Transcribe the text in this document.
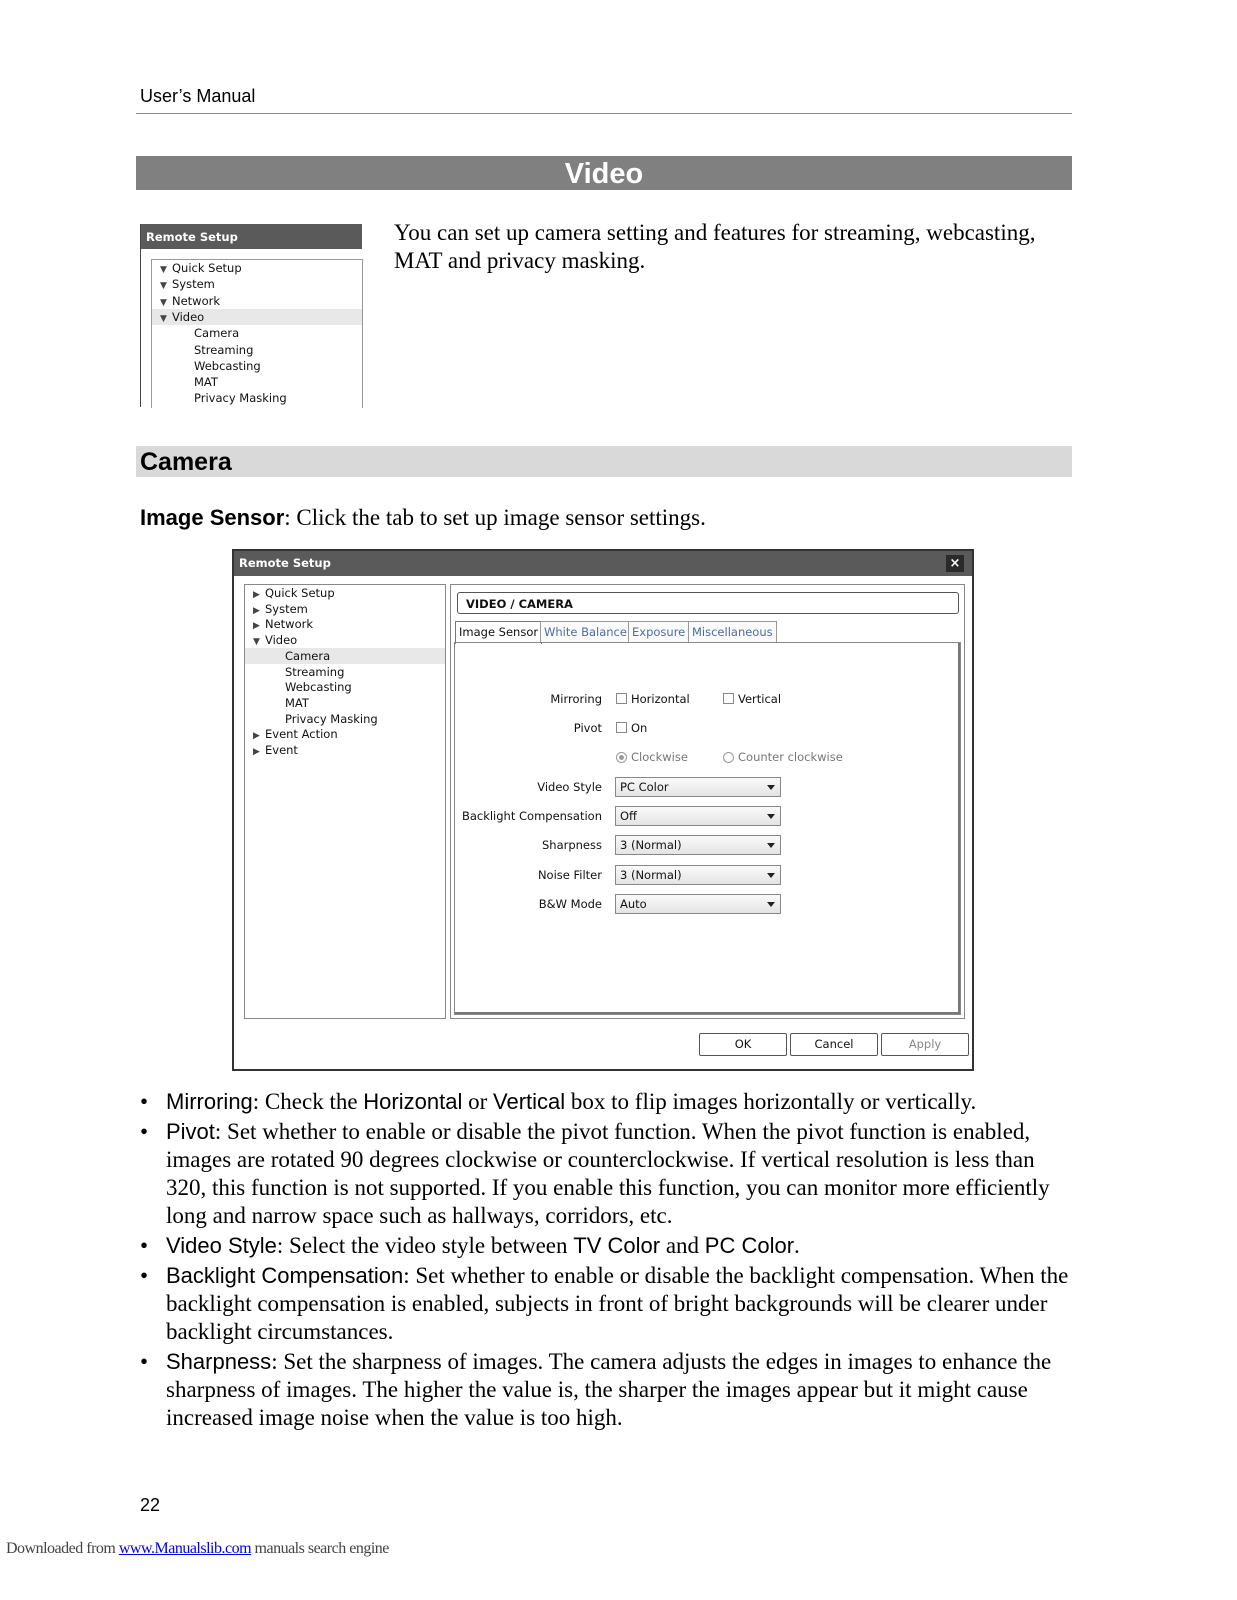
User’s Manual
Video
Remote Setup
▼ Quick Setup
▼ System
▼ Network
▼ Video
Camera
Streaming
Webcasting
MAT
Privacy Masking
You can set up camera setting and features for streaming, webcasting, MAT and privacy masking.
Camera
Image Sensor: Click the tab to set up image sensor settings.
Remote Setup	×
▶ Quick Setup
▶ System
▶ Network
▼ Video
Camera
Streaming
Webcasting
MAT
Privacy Masking
▶ Event Action
▶ Event
VIDEO / CAMERA
Image Sensor White Balance Exposure Miscellaneous
Mirroring	Horizontal	Vertical
Pivot	On
Clockwise	Counter clockwise
Video Style	PC Color
Backlight Compensation	Off
Sharpness	3 (Normal)
Noise Filter	3 (Normal)
B&W Mode	Auto
OK	Cancel	Apply
• Mirroring: Check the Horizontal or Vertical box to flip images horizontally or vertically.
• Pivot: Set whether to enable or disable the pivot function. When the pivot function is enabled, images are rotated 90 degrees clockwise or counterclockwise. If vertical resolution is less than 320, this function is not supported. If you enable this function, you can monitor more efficiently long and narrow space such as hallways, corridors, etc.
• Video Style: Select the video style between TV Color and PC Color.
• Backlight Compensation: Set whether to enable or disable the backlight compensation. When the backlight compensation is enabled, subjects in front of bright backgrounds will be clearer under backlight circumstances.
• Sharpness: Set the sharpness of images. The camera adjusts the edges in images to enhance the sharpness of images. The higher the value is, the sharper the images appear but it might cause increased image noise when the value is too high.
22
Downloaded from www.Manualslib.com manuals search engine
